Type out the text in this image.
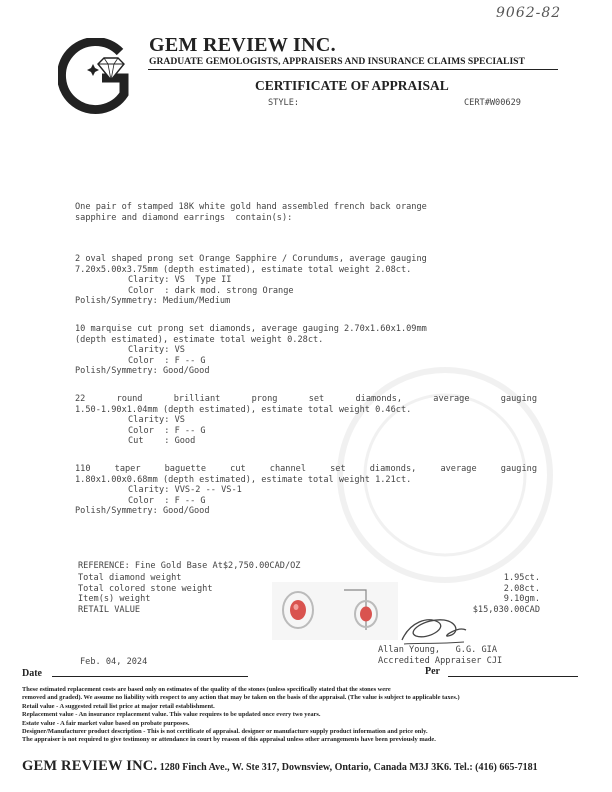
9062-82
GEM REVIEW INC.
GRADUATE GEMOLOGISTS, APPRAISERS AND INSURANCE CLAIMS SPECIALIST
CERTIFICATE OF APPRAISAL
STYLE:	CERT#W00629
One pair of stamped 18K white gold hand assembled french back orange
sapphire and diamond earrings  contain(s):
2 oval shaped prong set Orange Sapphire / Corundums, average gauging
7.20x5.00x3.75mm (depth estimated), estimate total weight 2.08ct.
Clarity: VS  Type II
Color  : dark mod. strong Orange
Polish/Symmetry: Medium/Medium
10 marquise cut prong set diamonds, average gauging 2.70x1.60x1.09mm
(depth estimated), estimate total weight 0.28ct.
Clarity: VS
Color  : F -- G
Polish/Symmetry: Good/Good
22 round brilliant prong set diamonds, average gauging
1.50-1.90x1.04mm (depth estimated), estimate total weight 0.46ct.
Clarity: VS
Color  : F -- G
Cut    : Good
110 taper baguette cut channel set diamonds, average gauging
1.80x1.00x0.68mm (depth estimated), estimate total weight 1.21ct.
Clarity: VVS-2 -- VS-1
Color  : F -- G
Polish/Symmetry: Good/Good
REFERENCE: Fine Gold Base At$2,750.00CAD/OZ
Total diamond weight	1.95ct.
Total colored stone weight	2.08ct.
Item(s) weight	9.10gm.
RETAIL VALUE	$15,030.00CAD
Allan Young,   G.G. GIA
Accredited Appraiser CJI
Feb. 04, 2024
Date	Per
These estimated replacement costs are based only on estimates of the quality of the stones (unless specifically stated that the stones were
removed and graded). We assume no liability with respect to any action that may be taken on the basis of the appraisal. (The value is subject to applicable taxes.)
Retail value - A suggested retail list price at major retail establishment.
Replacement value - An insurance replacement value. This value requires to be updated once every two years.
Estate value - A fair market value based on probate purposes.
Designer/Manufacturer product description - This is not certificate of appraisal. designer or manufacture supply product information and price only.
The appraiser is not required to give testimony or attendance in court by reason of this appraisal unless other arrangements have been previously made.
GEM REVIEW INC. 1280 Finch Ave., W. Ste 317, Downsview, Ontario, Canada M3J 3K6. Tel.: (416) 665-7181
